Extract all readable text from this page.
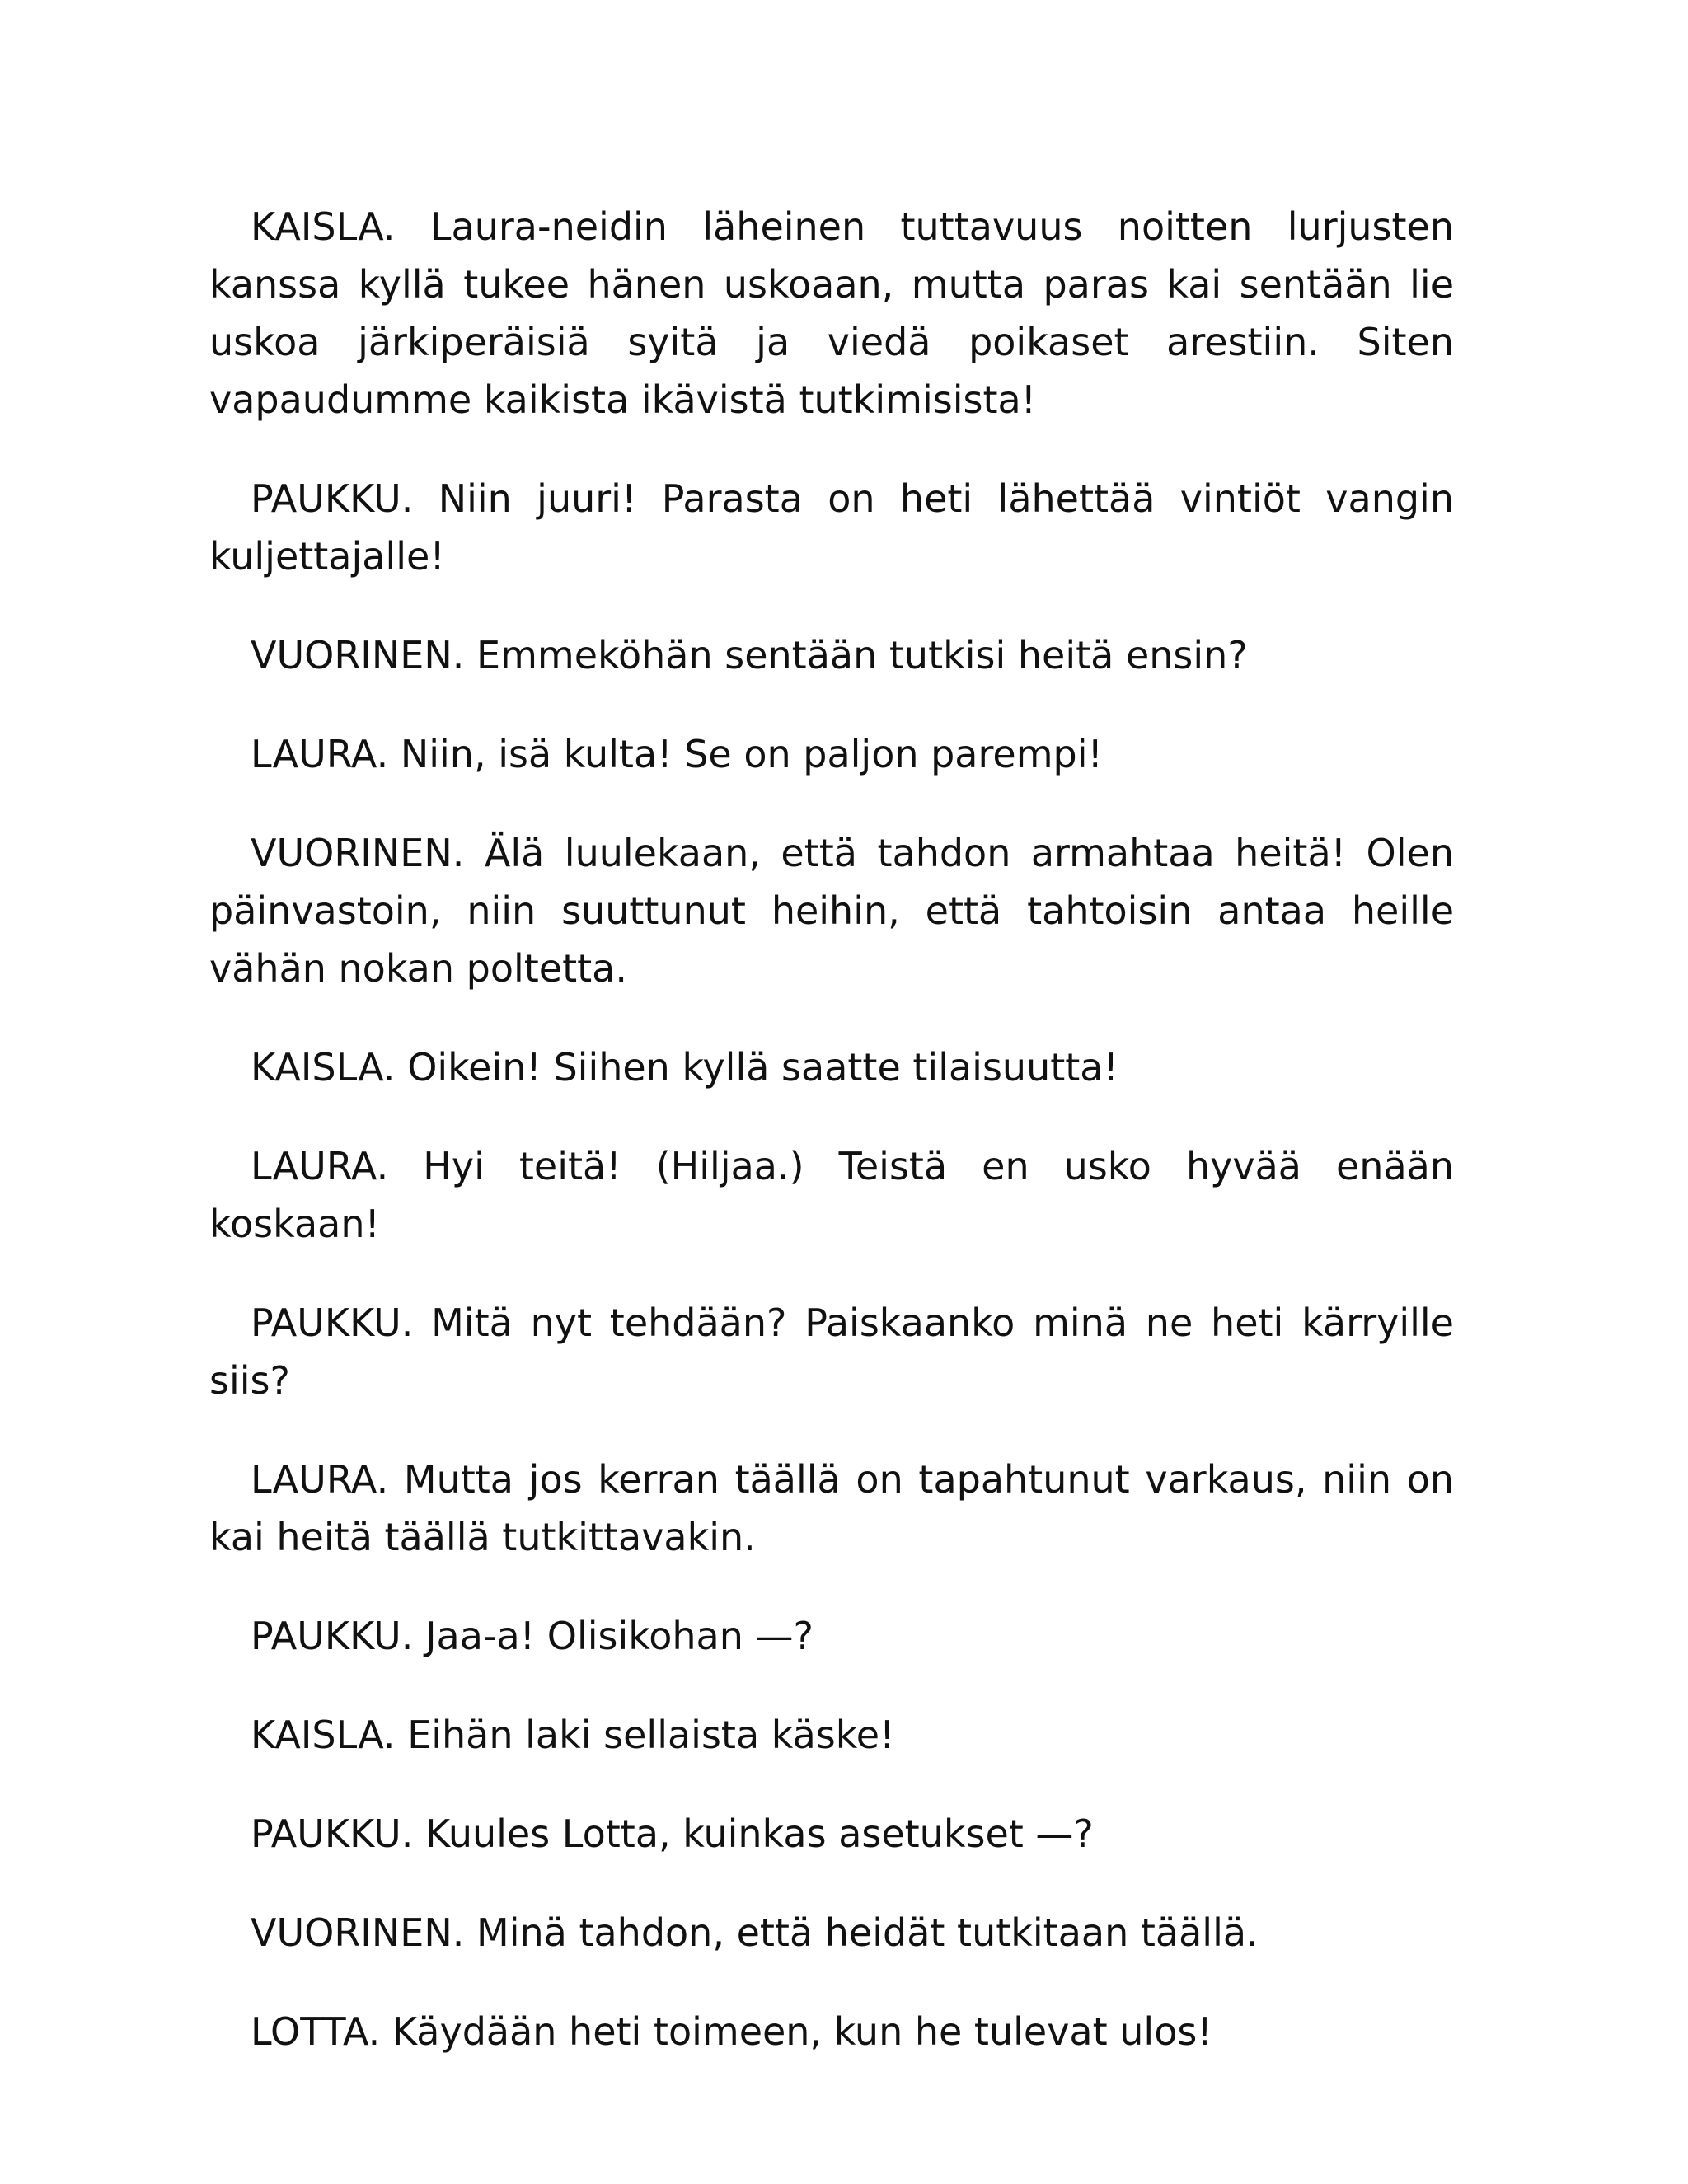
KAISLA. Laura-neidin läheinen tuttavuus noitten lurjusten kanssa kyllä tukee hänen uskoaan, mutta paras kai sentään lie uskoa järkiperäisiä syitä ja viedä poikaset arestiin. Siten vapaudumme kaikista ikävistä tutkimisista!

PAUKKU. Niin juuri! Parasta on heti lähettää vintiöt vangin kuljettajalle!

VUORINEN. Emmeköhän sentään tutkisi heitä ensin?

LAURA. Niin, isä kulta! Se on paljon parempi!

VUORINEN. Älä luulekaan, että tahdon armahtaa heitä! Olen päinvastoin, niin suuttunut heihin, että tahtoisin antaa heille vähän nokan poltetta.

KAISLA. Oikein! Siihen kyllä saatte tilaisuutta!

LAURA. Hyi teitä! (Hiljaa.) Teistä en usko hyvää enään koskaan!

PAUKKU. Mitä nyt tehdään? Paiskaanko minä ne heti kärryille siis?

LAURA. Mutta jos kerran täällä on tapahtunut varkaus, niin on kai heitä täällä tutkittavakin.

PAUKKU. Jaa-a! Olisikohan —?

KAISLA. Eihän laki sellaista käske!

PAUKKU. Kuules Lotta, kuinkas asetukset —?

VUORINEN. Minä tahdon, että heidät tutkitaan täällä.

LOTTA. Käydään heti toimeen, kun he tulevat ulos!
